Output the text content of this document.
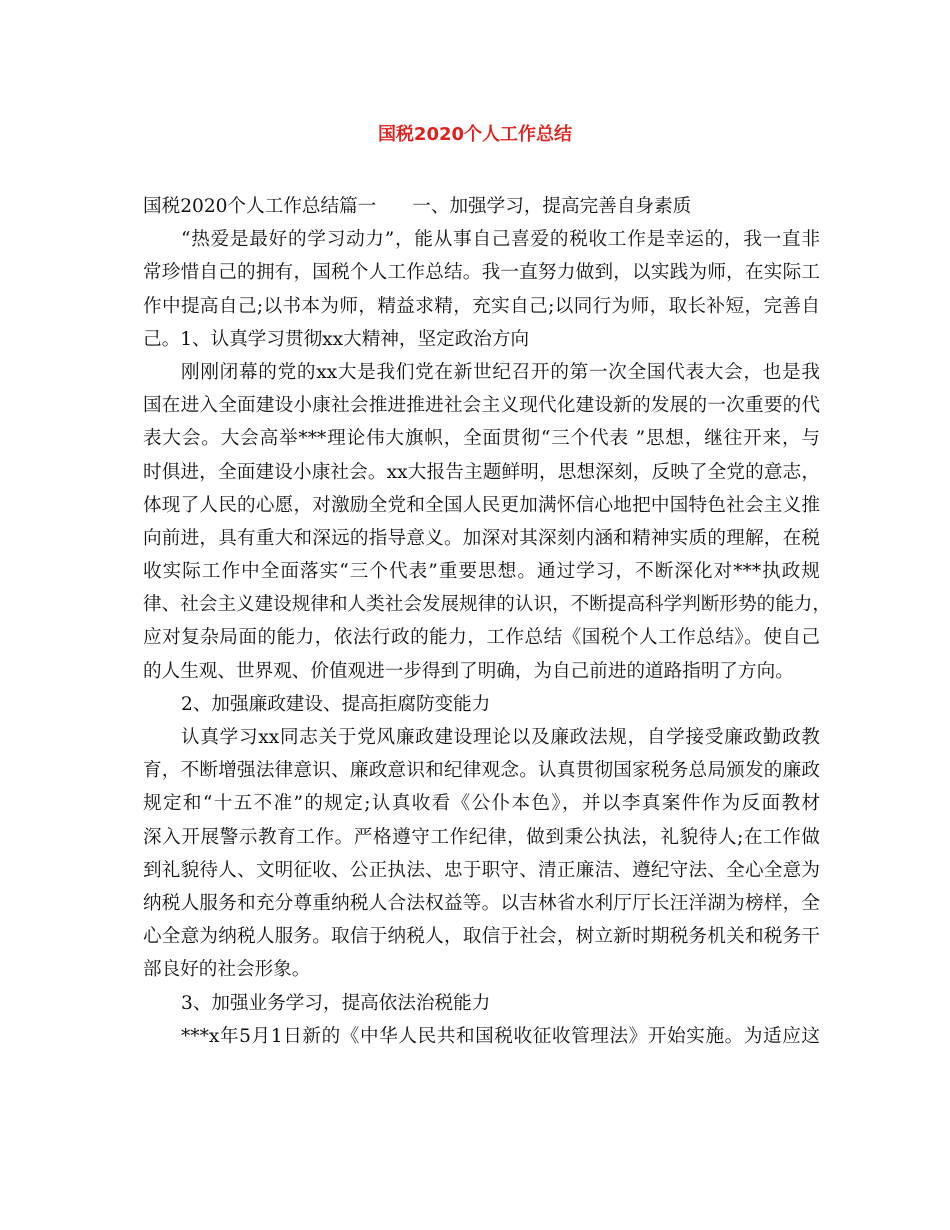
国税2020个人工作总结
国税2020个人工作总结篇一 一、加强学习，提高完善自身素质
“热爱是最好的学习动力”，能从事自己喜爱的税收工作是幸运的，我一直非
常珍惜自己的拥有，国税个人工作总结。我一直努力做到，以实践为师，在实际工
作中提高自己;以书本为师，精益求精，充实自己;以同行为师，取长补短，完善自
己。1、认真学习贯彻xx大精神，坚定政治方向
刚刚闭幕的党的xx大是我们党在新世纪召开的第一次全国代表大会，也是我
国在进入全面建设小康社会推进推进社会主义现代化建设新的发展的一次重要的代
表大会。大会高举***理论伟大旗帜，全面贯彻“三个代表 ”思想，继往开来，与
时俱进，全面建设小康社会。xx大报告主题鲜明，思想深刻，反映了全党的意志，
体现了人民的心愿，对激励全党和全国人民更加满怀信心地把中国特色社会主义推
向前进，具有重大和深远的指导意义。加深对其深刻内涵和精神实质的理解，在税
收实际工作中全面落实“三个代表”重要思想。通过学习，不断深化对***执政规
律、社会主义建设规律和人类社会发展规律的认识，不断提高科学判断形势的能力，
应对复杂局面的能力，依法行政的能力，工作总结《国税个人工作总结》。使自己
的人生观、世界观、价值观进一步得到了明确，为自己前进的道路指明了方向。
2、加强廉政建设、提高拒腐防变能力
认真学习xx同志关于党风廉政建设理论以及廉政法规，自学接受廉政勤政教
育，不断增强法律意识、廉政意识和纪律观念。认真贯彻国家税务总局颁发的廉政
规定和“十五不准”的规定;认真收看《公仆本色》，并以李真案件作为反面教材
深入开展警示教育工作。严格遵守工作纪律，做到秉公执法，礼貌待人;在工作做
到礼貌待人、文明征收、公正执法、忠于职守、清正廉洁、遵纪守法、全心全意为
纳税人服务和充分尊重纳税人合法权益等。以吉林省水利厅厅长汪洋湖为榜样，全
心全意为纳税人服务。取信于纳税人，取信于社会，树立新时期税务机关和税务干
部良好的社会形象。
3、加强业务学习，提高依法治税能力
***x年5月1日新的《中华人民共和国税收征收管理法》开始实施。为适应这
